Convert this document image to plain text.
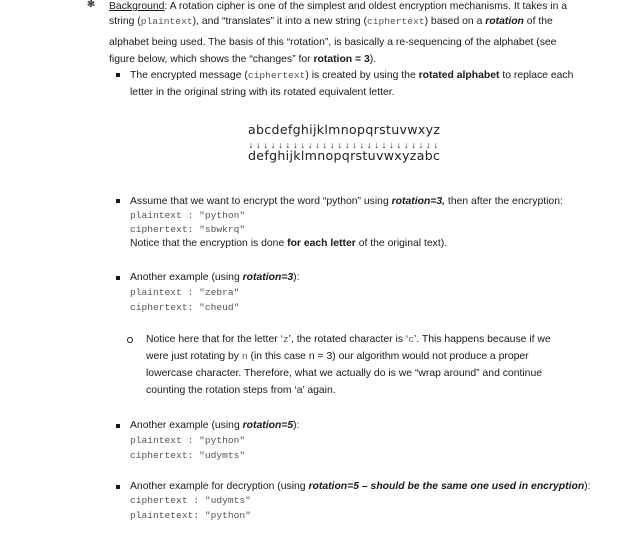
❃ Background: A rotation cipher is one of the simplest and oldest encryption mechanisms. It takes in a
string (plaintext), and “translates” it into a new string (ciphertext) based on a rotation of the
alphabet being used. The basis of this “rotation”, is basically a re-sequencing of the alphabet (see
figure below, which shows the “changes” for rotation = 3).
The encrypted message (ciphertext) is created by using the rotated alphabet to replace each
letter in the original string with its rotated equivalent letter.
abcdefghijklmnopqrstuvwxyz
↓ ↓ ↓ ↓ ↓ ↓ ↓ ↓ ↓ ↓ ↓ ↓ ↓ ↓ ↓ ↓ ↓ ↓ ↓ ↓ ↓ ↓ ↓ ↓ ↓ ↓
defghijklmnopqrstuvwxyzabc
Assume that we want to encrypt the word “python” using rotation=3, then after the encryption:
plaintext : "python"
ciphertext: "sbwkrq"
Notice that the encryption is done for each letter of the original text).
Another example (using rotation=3):
plaintext : "zebra"
ciphertext: "cheud"
Notice here that for the letter ‘z’, the rotated character is ‘c’. This happens because if we
were just rotating by n (in this case n = 3) our algorithm would not produce a proper
lowercase character. Therefore, what we actually do is we “wrap around” and continue
counting the rotation steps from ‘a’ again.
Another example (using rotation=5):
plaintext : "python"
ciphertext: "udymts"
Another example for decryption (using rotation=5 – should be the same one used in encryption):
ciphertext : "udymts"
plaintetext: "python"
